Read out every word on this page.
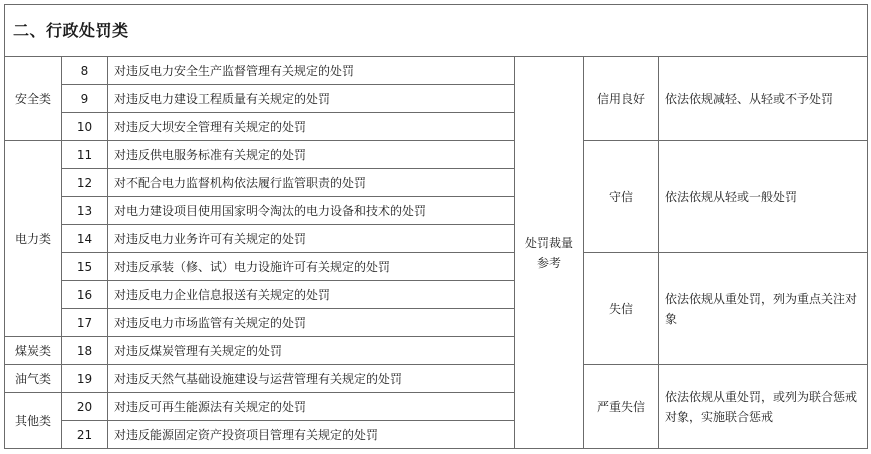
二、行政处罚类					
安全类	8	对违反电力安全生产监督管理有关规定的处罚	处罚裁量参考	信用良好	依法依规减轻、从轻或不予处罚
	9	对违反电力建设工程质量有关规定的处罚			
	10	对违反大坝安全管理有关规定的处罚			
电力类	11	对违反供电服务标准有关规定的处罚		守信	依法依规从轻或一般处罚
	12	对不配合电力监督机构依法履行监管职责的处罚			
	13	对电力建设项目使用国家明令淘汰的电力设备和技术的处罚			
	14	对违反电力业务许可有关规定的处罚			
	15	对违反承装（修、试）电力设施许可有关规定的处罚		失信	依法依规从重处罚，列为重点关注对象
	16	对违反电力企业信息报送有关规定的处罚			
	17	对违反电力市场监管有关规定的处罚			
煤炭类	18	对违反煤炭管理有关规定的处罚			
油气类	19	对违反天然气基础设施建设与运营管理有关规定的处罚		严重失信	依法依规从重处罚，或列为联合惩戒对象，实施联合惩戒
其他类	20	对违反可再生能源法有关规定的处罚			
	21	对违反能源固定资产投资项目管理有关规定的处罚			
